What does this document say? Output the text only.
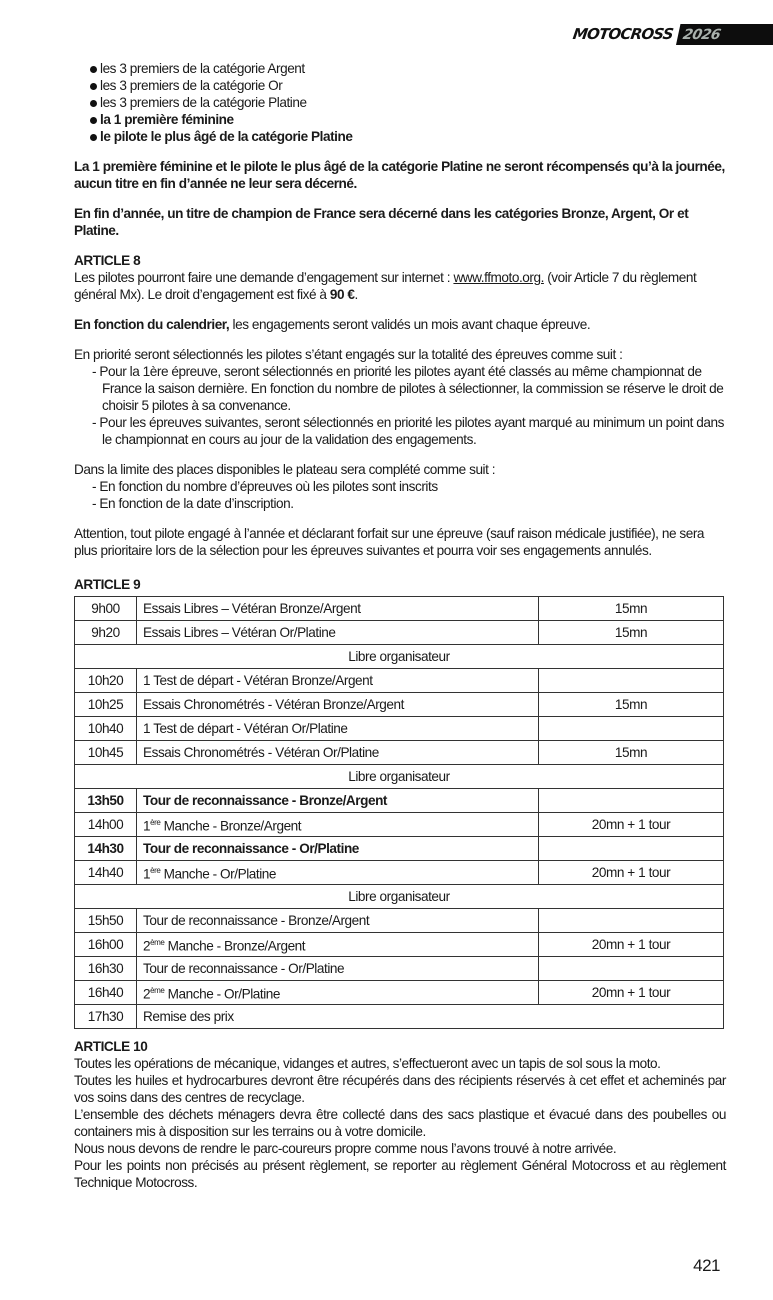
MOTOCROSS 2026
les 3 premiers de la catégorie Argent
les 3 premiers de la catégorie Or
les 3 premiers de la catégorie Platine
la 1 première féminine
le pilote le plus âgé de la catégorie Platine

La 1 première féminine et le pilote le plus âgé de la catégorie Platine ne seront récompensés qu’à la journée, aucun titre en fin d’année ne leur sera décerné.

En fin d’année, un titre de champion de France sera décerné dans les catégories Bronze, Argent, Or et Platine.

ARTICLE 8

Les pilotes pourront faire une demande d’engagement sur internet : www.ffmoto.org. (voir Article 7 du règlement général Mx). Le droit d’engagement est fixé à 90 €.

En fonction du calendrier, les engagements seront validés un mois avant chaque épreuve.

En priorité seront sélectionnés les pilotes s’étant engagés sur la totalité des épreuves comme suit :

- Pour la 1ère épreuve, seront sélectionnés en priorité les pilotes ayant été classés au même championnat de France la saison dernière. En fonction du nombre de pilotes à sélectionner, la commission se réserve le droit de choisir 5 pilotes à sa convenance.
- Pour les épreuves suivantes, seront sélectionnés en priorité les pilotes ayant marqué au minimum un point dans le championnat en cours au jour de la validation des engagements.

Dans la limite des places disponibles le plateau sera complété comme suit :

- En fonction du nombre d’épreuves où les pilotes sont inscrits
- En fonction de la date d’inscription.

Attention, tout pilote engagé à l’année et déclarant forfait sur une épreuve (sauf raison médicale justifiée), ne sera plus prioritaire lors de la sélection pour les épreuves suivantes et pourra voir ses engagements annulés.

ARTICLE 9
9h00	Essais Libres – Vétéran Bronze/Argent	15mn
9h20	Essais Libres – Vétéran Or/Platine	15mn
Libre organisateur		
10h20	1 Test de départ - Vétéran Bronze/Argent	
10h25	Essais Chronométrés - Vétéran Bronze/Argent	15mn
10h40	1 Test de départ - Vétéran Or/Platine	
10h45	Essais Chronométrés - Vétéran Or/Platine	15mn
Libre organisateur		
13h50	Tour de reconnaissance - Bronze/Argent	
14h00	1ère Manche - Bronze/Argent	20mn + 1 tour
14h30	Tour de reconnaissance - Or/Platine	
14h40	1ère Manche - Or/Platine	20mn + 1 tour
Libre organisateur		
15h50	Tour de reconnaissance - Bronze/Argent	
16h00	2ème Manche - Bronze/Argent	20mn + 1 tour
16h30	Tour de reconnaissance - Or/Platine	
16h40	2ème Manche - Or/Platine	20mn + 1 tour
17h30	Remise des prix	
ARTICLE 10

Toutes les opérations de mécanique, vidanges et autres, s’effectueront avec un tapis de sol sous la moto.

Toutes les huiles et hydrocarbures devront être récupérés dans des récipients réservés à cet effet et acheminés par vos soins dans des centres de recyclage.

L’ensemble des déchets ménagers devra être collecté dans des sacs plastique et évacué dans des poubelles ou containers mis à disposition sur les terrains ou à votre domicile.

Nous nous devons de rendre le parc-coureurs propre comme nous l’avons trouvé à notre arrivée.

Pour les points non précisés au présent règlement, se reporter au règlement Général Motocross et au règlement Technique Motocross.

421
